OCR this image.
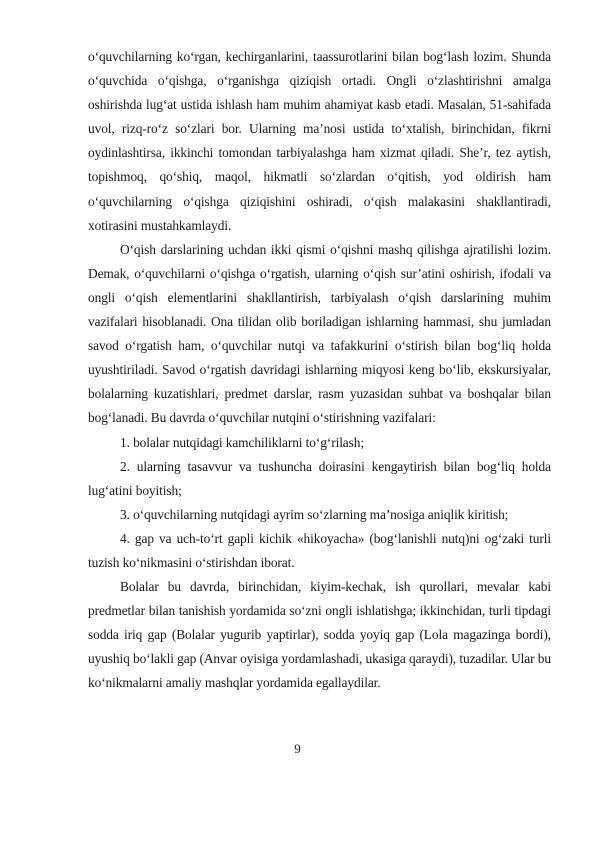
o‘quvchilarning ko‘rgan, kechirganlarini, taassurotlarini bilan bog‘lash lozim. Shunda o‘quvchida o‘qishga, o‘rganishga qiziqish ortadi. Ongli o‘zlashtirishni amalga oshirishda lug‘at ustida ishlash ham muhim ahamiyat kasb etadi. Masalan, 51-sahifada uvol, rizq-ro‘z so‘zlari bor. Ularning ma’nosi ustida to‘xtalish, birinchidan, fikrni oydinlashtirsa, ikkinchi tomondan tarbiyalashga ham xizmat qiladi. She’r, tez aytish, topishmoq, qo‘shiq, maqol, hikmatli so‘zlardan o‘qitish, yod oldirish ham o‘quvchilarning o‘qishga qiziqishini oshiradi, o‘qish malakasini shakllantiradi, xotirasini mustahkamlaydi.

O‘qish darslarining uchdan ikki qismi o‘qishni mashq qilishga ajratilishi lozim. Demak, o‘quvchilarni o‘qishga o‘rgatish, ularning o‘qish sur’atini oshirish, ifodali va ongli o‘qish elementlarini shakllantirish, tarbiyalash o‘qish darslarining muhim vazifalari hisoblanadi. Ona tilidan olib boriladigan ishlarning hammasi, shu jumladan savod o‘rgatish ham, o‘quvchilar nutqi va tafakkurini o‘stirish bilan bog‘liq holda uyushtiriladi. Savod o‘rgatish davridagi ishlarning miqyosi keng bo‘lib, ekskursiyalar, bolalarning kuzatishlari, predmet darslar, rasm yuzasidan suhbat va boshqalar bilan bog‘lanadi. Bu davrda o‘quvchilar nutqini o‘stirishning vazifalari:

1. bolalar nutqidagi kamchiliklarni to‘g‘rilash;

2. ularning tasavvur va tushuncha doirasini kengaytirish bilan bog‘liq holda lug‘atini boyitish;

3. o‘quvchilarning nutqidagi ayrim so‘zlarning ma’nosiga aniqlik kiritish;

4. gap va uch-to‘rt gapli kichik «hikoyacha» (bog‘lanishli nutq)ni og‘zaki turli tuzish ko‘nikmasini o‘stirishdan iborat.

Bolalar bu davrda, birinchidan, kiyim-kechak, ish qurollari, mevalar kabi predmetlar bilan tanishish yordamida so‘zni ongli ishlatishga; ikkinchidan, turli tipdagi sodda iriq gap (Bolalar yugurib yaptirlar), sodda yoyiq gap (Lola magazinga bordi), uyushiq bo‘lakli gap (Anvar oyisiga yordamlashadi, ukasiga qaraydi), tuzadilar. Ular bu ko‘nikmalarni amaliy mashqlar yordamida egallaydilar.

9
